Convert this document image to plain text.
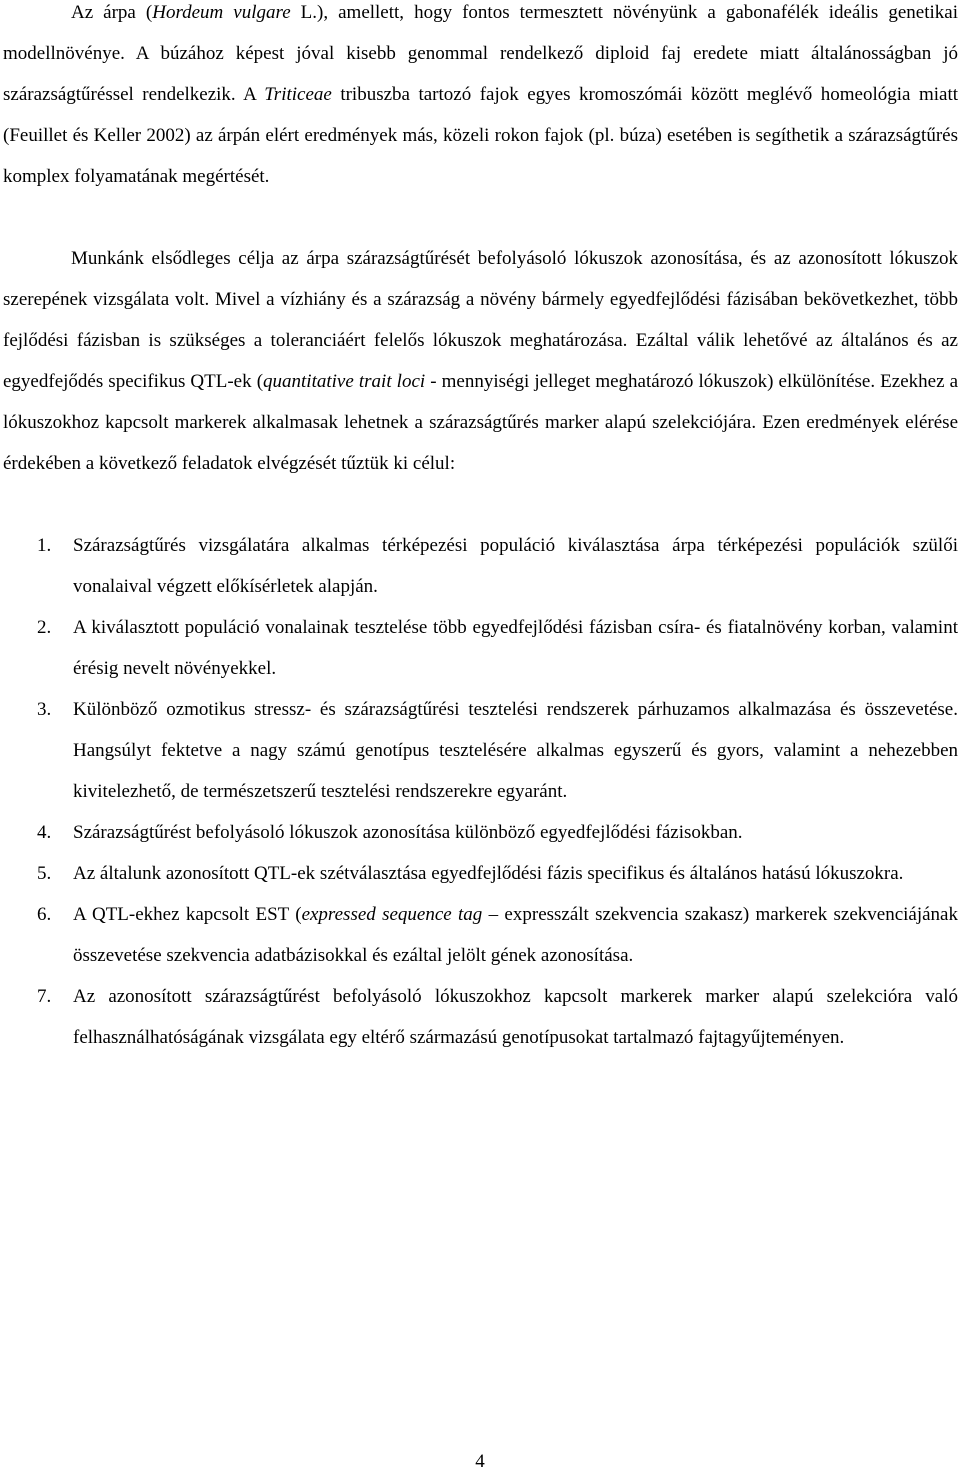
Az árpa (Hordeum vulgare L.), amellett, hogy fontos termesztett növényünk a gabonafélék ideális genetikai modellnövénye. A búzához képest jóval kisebb genommal rendelkező diploid faj eredete miatt általánosságban jó szárazságtűréssel rendelkezik. A Triticeae tribuszba tartozó fajok egyes kromoszómái között meglévő homeológia miatt (Feuillet és Keller 2002) az árpán elért eredmények más, közeli rokon fajok (pl. búza) esetében is segíthetik a szárazságtűrés komplex folyamatának megértését.

Munkánk elsődleges célja az árpa szárazságtűrését befolyásoló lókuszok azonosítása, és az azonosított lókuszok szerepének vizsgálata volt. Mivel a vízhiány és a szárazság a növény bármely egyedfejlődési fázisában bekövetkezhet, több fejlődési fázisban is szükséges a toleranciáért felelős lókuszok meghatározása. Ezáltal válik lehetővé az általános és az egyedfejődés specifikus QTL-ek (quantitative trait loci - mennyiségi jelleget meghatározó lókuszok) elkülönítése. Ezekhez a lókuszokhoz kapcsolt markerek alkalmasak lehetnek a szárazságtűrés marker alapú szelekciójára. Ezen eredmények elérése érdekében a következő feladatok elvégzését tűztük ki célul:

1. Szárazságtűrés vizsgálatára alkalmas térképezési populáció kiválasztása árpa térképezési populációk szülői vonalaival végzett előkísérletek alapján.
2. A kiválasztott populáció vonalainak tesztelése több egyedfejlődési fázisban csíra- és fiatalnövény korban, valamint érésig nevelt növényekkel.
3. Különböző ozmotikus stressz- és szárazságtűrési tesztelési rendszerek párhuzamos alkalmazása és összevetése. Hangsúlyt fektetve a nagy számú genotípus tesztelésére alkalmas egyszerű és gyors, valamint a nehezebben kivitelezhető, de természetszerű tesztelési rendszerekre egyaránt.
4. Szárazságtűrést befolyásoló lókuszok azonosítása különböző egyedfejlődési fázisokban.
5. Az általunk azonosított QTL-ek szétválasztása egyedfejlődési fázis specifikus és általános hatású lókuszokra.
6. A QTL-ekhez kapcsolt EST (expressed sequence tag – expresszált szekvencia szakasz) markerek szekvenciájának összevetése szekvencia adatbázisokkal és ezáltal jelölt gének azonosítása.
7. Az azonosított szárazságtűrést befolyásoló lókuszokhoz kapcsolt markerek marker alapú szelekcióra való felhasználhatóságának vizsgálata egy eltérő származású genotípusokat tartalmazó fajtagyűjteményen.
4
